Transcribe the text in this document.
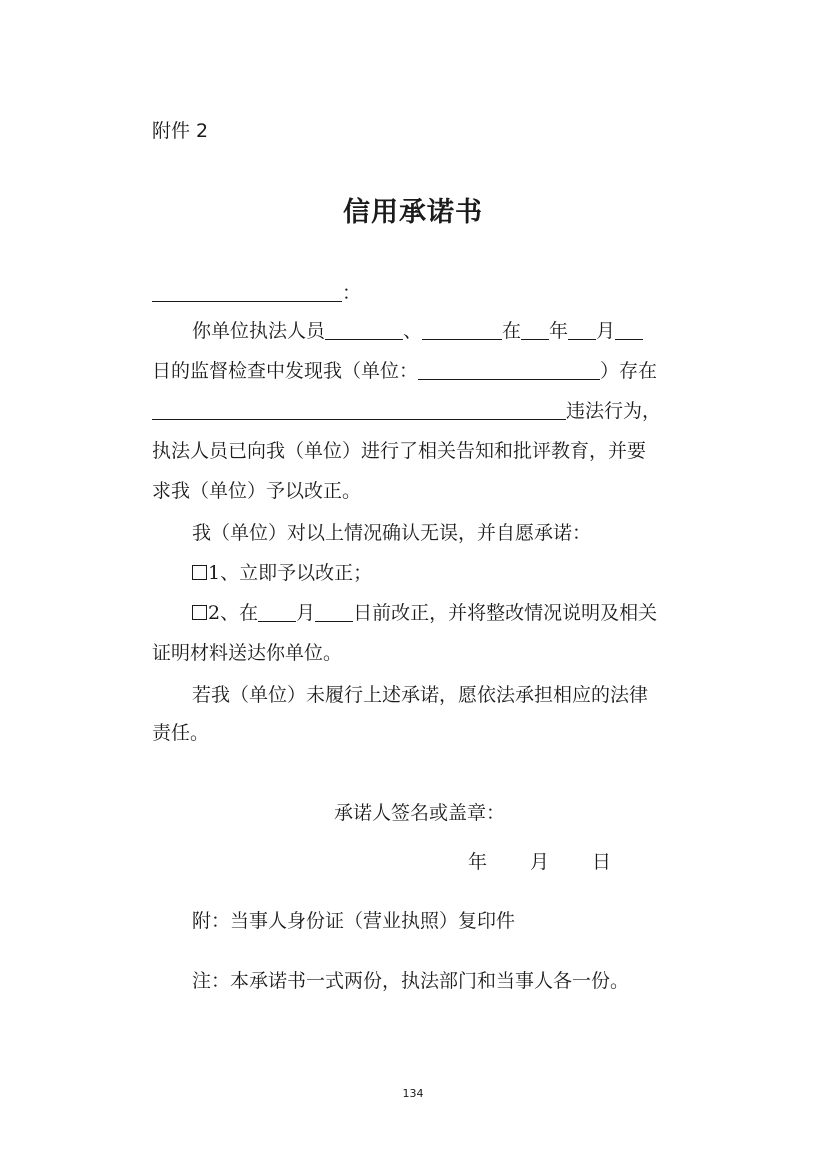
附件 2
信用承诺书
：
你单位执法人员	、	在 年 月
日的监督检查中发现我（单位：	）存在
违法行为，
执法人员已向我（单位）进行了相关告知和批评教育，并要
求我（单位）予以改正。
我（单位）对以上情况确认无误，并自愿承诺：
1、立即予以改正；
2、在 月 日前改正，并将整改情况说明及相关
证明材料送达你单位。
若我（单位）未履行上述承诺，愿依法承担相应的法律
责任。
承诺人签名或盖章：
年 月 日
附：当事人身份证（营业执照）复印件
注：本承诺书一式两份，执法部门和当事人各一份。
134
